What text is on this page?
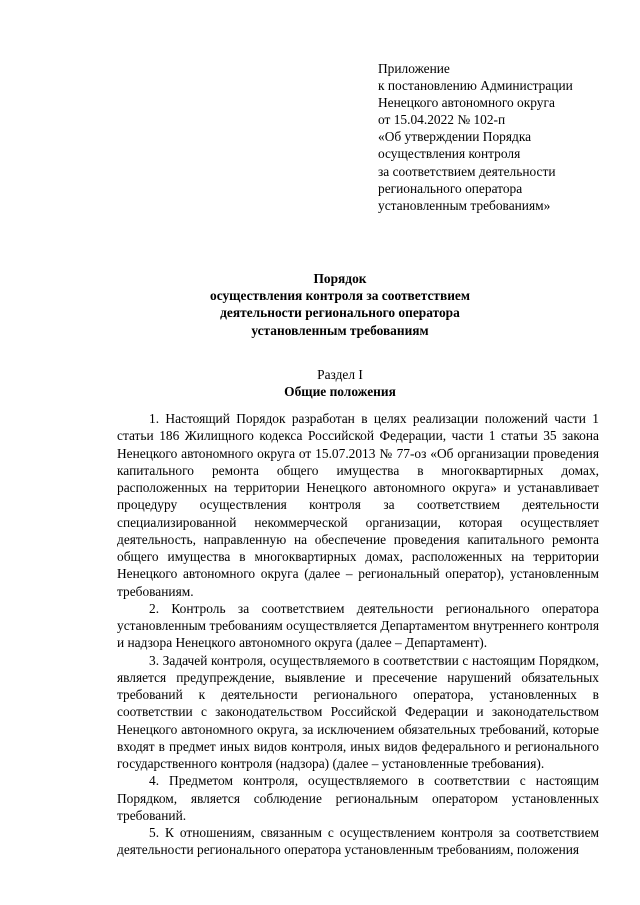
Приложение
к постановлению Администрации
Ненецкого автономного округа
от 15.04.2022 № 102-п
«Об утверждении Порядка
осуществления контроля
за соответствием деятельности
регионального оператора
установленным требованиям»
Порядок
осуществления контроля за соответствием
деятельности регионального оператора
установленным требованиям
Раздел I
Общие положения

1. Настоящий Порядок разработан в целях реализации положений части 1 статьи 186 Жилищного кодекса Российской Федерации, части 1 статьи 35 закона Ненецкого автономного округа от 15.07.2013 № 77-оз «Об организации проведения капитального ремонта общего имущества в многоквартирных домах, расположенных на территории Ненецкого автономного округа» и устанавливает процедуру осуществления контроля за соответствием деятельности специализированной некоммерческой организации, которая осуществляет деятельность, направленную на обеспечение проведения капитального ремонта общего имущества в многоквартирных домах, расположенных на территории Ненецкого автономного округа (далее – региональный оператор), установленным требованиям.

2. Контроль за соответствием деятельности регионального оператора установленным требованиям осуществляется Департаментом внутреннего контроля и надзора Ненецкого автономного округа (далее – Департамент).

3. Задачей контроля, осуществляемого в соответствии с настоящим Порядком, является предупреждение, выявление и пресечение нарушений обязательных требований к деятельности регионального оператора, установленных в соответствии с законодательством Российской Федерации и законодательством Ненецкого автономного округа, за исключением обязательных требований, которые входят в предмет иных видов контроля, иных видов федерального и регионального государственного контроля (надзора) (далее – установленные требования).

4. Предметом контроля, осуществляемого в соответствии с настоящим Порядком, является соблюдение региональным оператором установленных требований.

5. К отношениям, связанным с осуществлением контроля за соответствием деятельности регионального оператора установленным требованиям, положения
